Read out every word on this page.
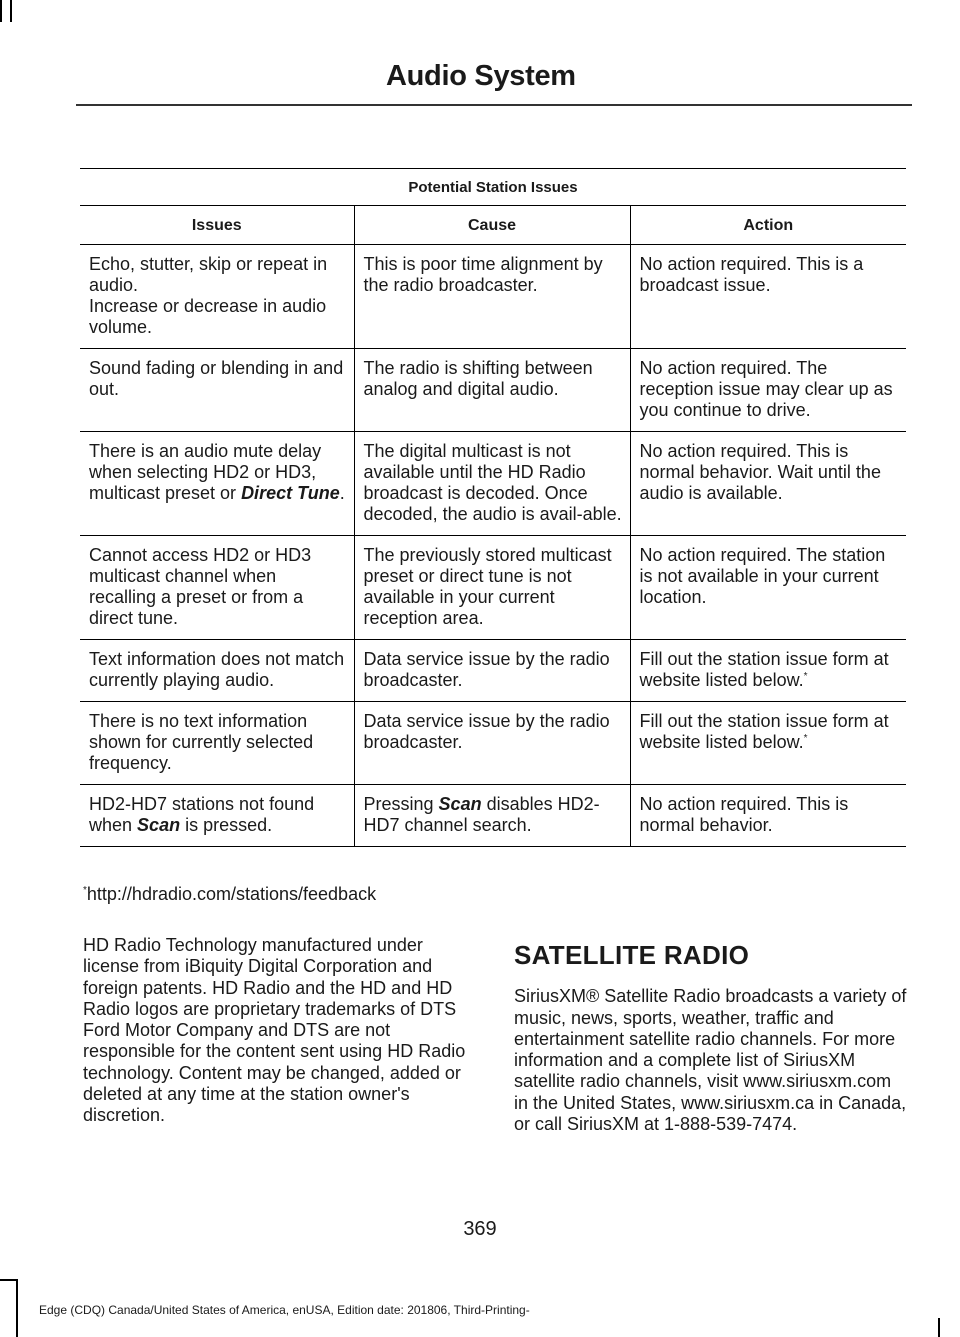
Audio System
Potential Station Issues		
Issues	Cause	Action
Echo, stutter, skip or repeat in audio.
Increase or decrease in audio volume.	This is poor time alignment by the radio broadcaster.	No action required. This is a broadcast issue.
Sound fading or blending in and out.	The radio is shifting between analog and digital audio.	No action required. The reception issue may clear up as you continue to drive.
There is an audio mute delay when selecting HD2 or HD3, multicast preset or Direct Tune.	The digital multicast is not available until the HD Radio broadcast is decoded. Once decoded, the audio is avail-able.	No action required. This is normal behavior. Wait until the audio is available.
Cannot access HD2 or HD3 multicast channel when recalling a preset or from a direct tune.	The previously stored multicast preset or direct tune is not available in your current reception area.	No action required. The station is not available in your current location.
Text information does not match currently playing audio.	Data service issue by the radio broadcaster.	Fill out the station issue form at website listed below.*
There is no text information shown for currently selected frequency.	Data service issue by the radio broadcaster.	Fill out the station issue form at website listed below.*
HD2-HD7 stations not found when Scan is pressed.	Pressing Scan disables HD2-HD7 channel search.	No action required. This is normal behavior.
*http://hdradio.com/stations/feedback
HD Radio Technology manufactured under license from iBiquity Digital Corporation and foreign patents. HD Radio and the HD and HD Radio logos are proprietary trademarks of DTS Ford Motor Company and DTS are not responsible for the content sent using HD Radio technology. Content may be changed, added or deleted at any time at the station owner's discretion.
SATELLITE RADIO

SiriusXM® Satellite Radio broadcasts a variety of music, news, sports, weather, traffic and entertainment satellite radio channels. For more information and a complete list of SiriusXM satellite radio channels, visit www.siriusxm.com in the United States, www.siriusxm.ca in Canada, or call SiriusXM at 1-888-539-7474.

369
Edge (CDQ) Canada/United States of America, enUSA, Edition date: 201806, Third-Printing-
